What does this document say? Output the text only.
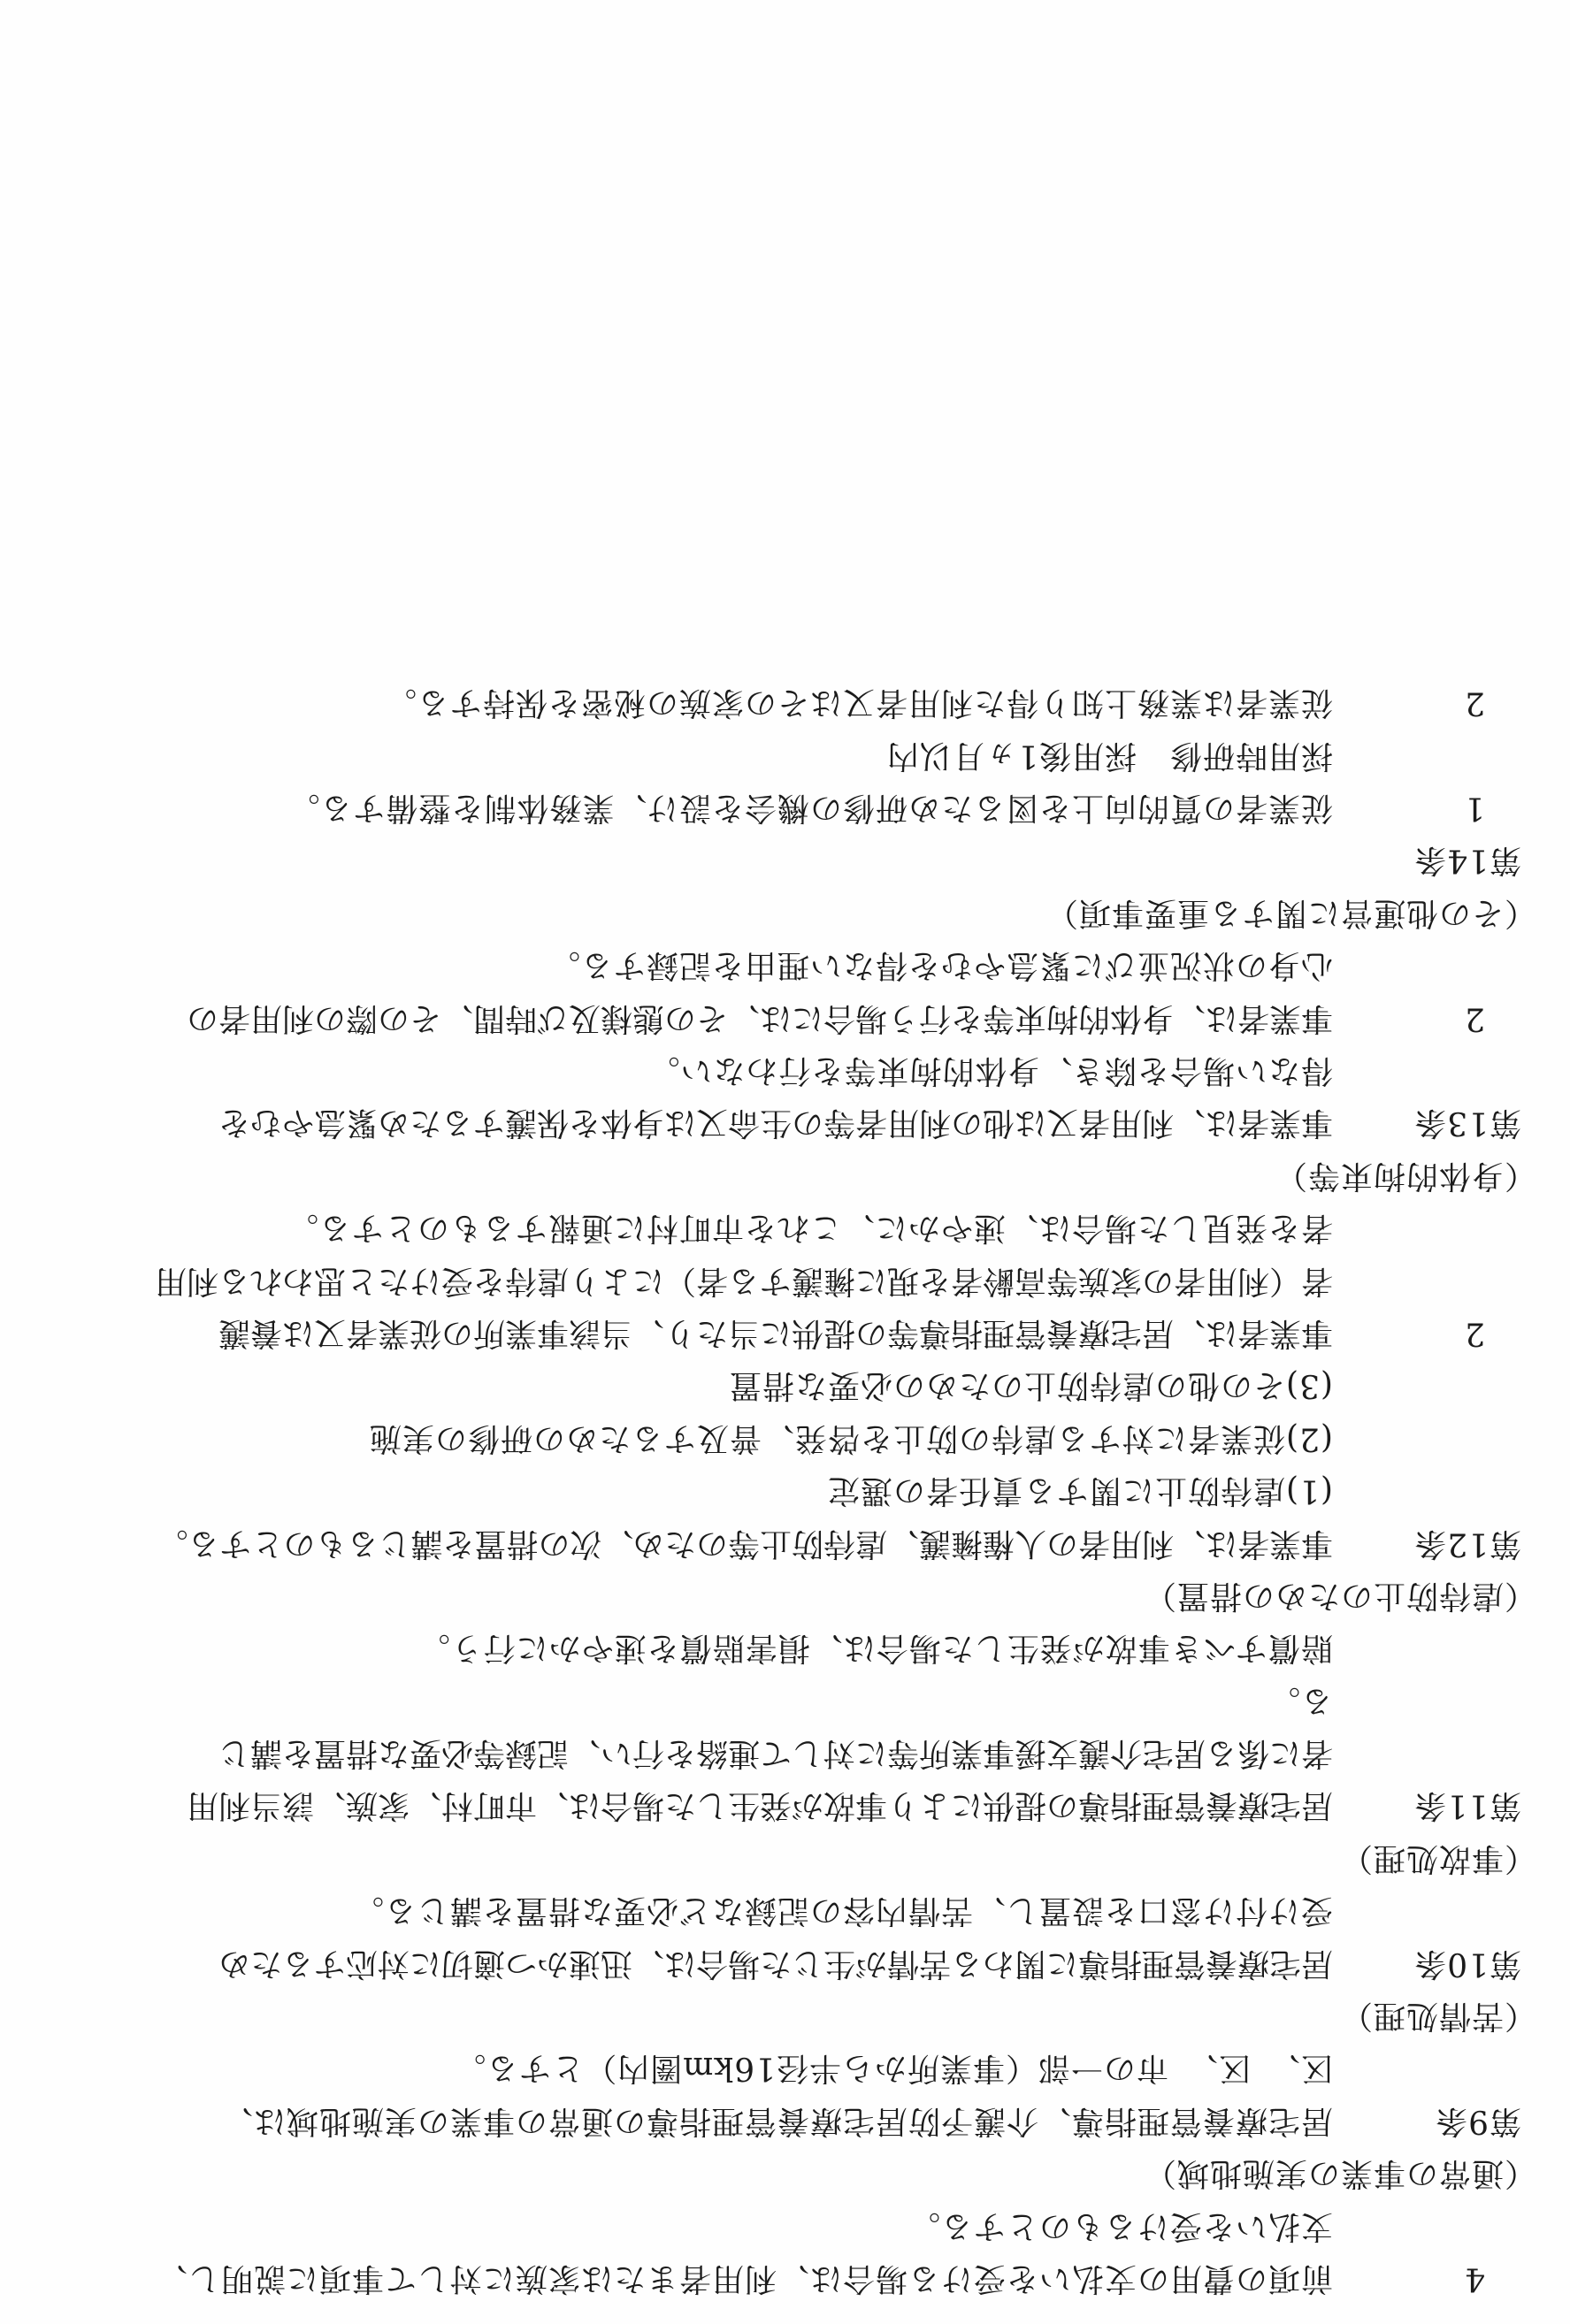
4
前項の費用の支払いを受ける場合は、利用者または家族に対して事項に説明し、
支払いを受けるものとする。
（通常の事業の実施地域）
第9条
居宅療養管理指導、介護予防居宅療養管理指導の通常の事業の実施地域は、
区、　区、　市の一部（事業所から半径16km圏内）とする。
（苦情処理）
第10条
居宅療養管理指導に関わる苦情が生じた場合は、迅速かつ適切に対応するため
受け付け窓口を設置し、苦情内容の記録など必要な措置を講じる。
（事故処理）
第11条
居宅療養管理指導の提供により事故が発生した場合は、市町村、家族、該当利用
者に係る居宅介護支援事業所等に対して連絡を行い、記録等必要な措置を講じ
る。
賠償すべき事故が発生した場合は、損害賠償を速やかに行う。
（虐待防止のための措置）
第12条
事業者は、利用者の人権擁護、虐待防止等のため、次の措置を講じるものとする。
(1)虐待防止に関する責任者の選定
(2)従業者に対する虐待の防止を啓発、普及するための研修の実施
(3)その他の虐待防止のための必要な措置
2
事業者は、居宅療養管理指導等の提供に当たり、当該事業所の従業者又は養護
者（利用者の家族等高齢者を現に擁護する者）により虐待を受けたと思われる利用
者を発見した場合は、速やかに、これを市町村に通報するものとする。
（身体的拘束等）
第13条
事業者は、利用者又は他の利用者等の生命又は身体を保護するため緊急やむを
得ない場合を除き、身体的拘束等を行わない。
2
事業者は、身体的拘束等を行う場合には、その態様及び時間、その際の利用者の
心身の状況並びに緊急やむを得ない理由を記録する。
（その他運営に関する重要事項）
第14条
1
従業者の質的向上を図るため研修の機会を設け、業務体制を整備する。
採用時研修　採用後1ヵ月以内
2
従業者は業務上知り得た利用者又はその家族の秘密を保持する。
